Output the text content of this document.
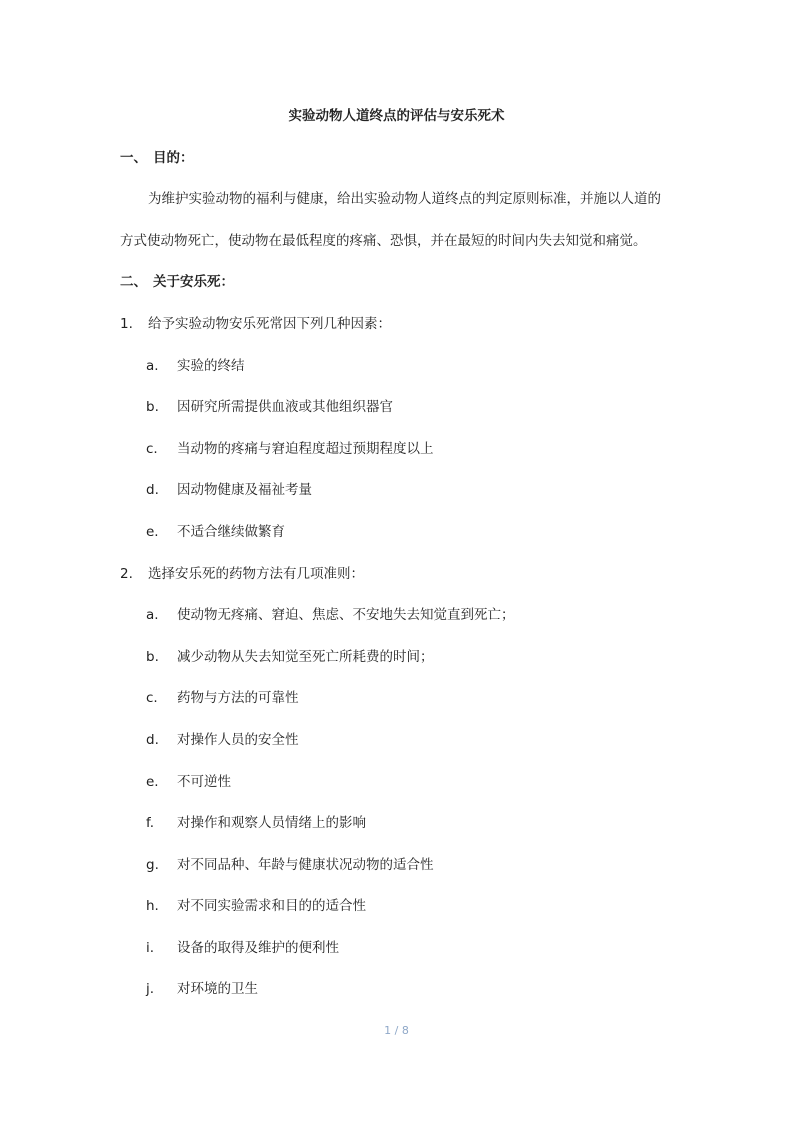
实验动物人道终点的评估与安乐死术
一、 目的：
为维护实验动物的福利与健康，给出实验动物人道终点的判定原则标准，并施以人道的
方式使动物死亡，使动物在最低程度的疼痛、恐惧，并在最短的时间内失去知觉和痛觉。
二、 关于安乐死：
1. 给予实验动物安乐死常因下列几种因素：
a. 实验的终结
b. 因研究所需提供血液或其他组织器官
c. 当动物的疼痛与窘迫程度超过预期程度以上
d. 因动物健康及福祉考量
e. 不适合继续做繁育
2. 选择安乐死的药物方法有几项准则：
a. 使动物无疼痛、窘迫、焦虑、不安地失去知觉直到死亡；
b. 减少动物从失去知觉至死亡所耗费的时间；
c. 药物与方法的可靠性
d. 对操作人员的安全性
e. 不可逆性
f. 对操作和观察人员情绪上的影响
g. 对不同品种、年龄与健康状况动物的适合性
h. 对不同实验需求和目的的适合性
i. 设备的取得及维护的便利性
j. 对环境的卫生
1 / 8
